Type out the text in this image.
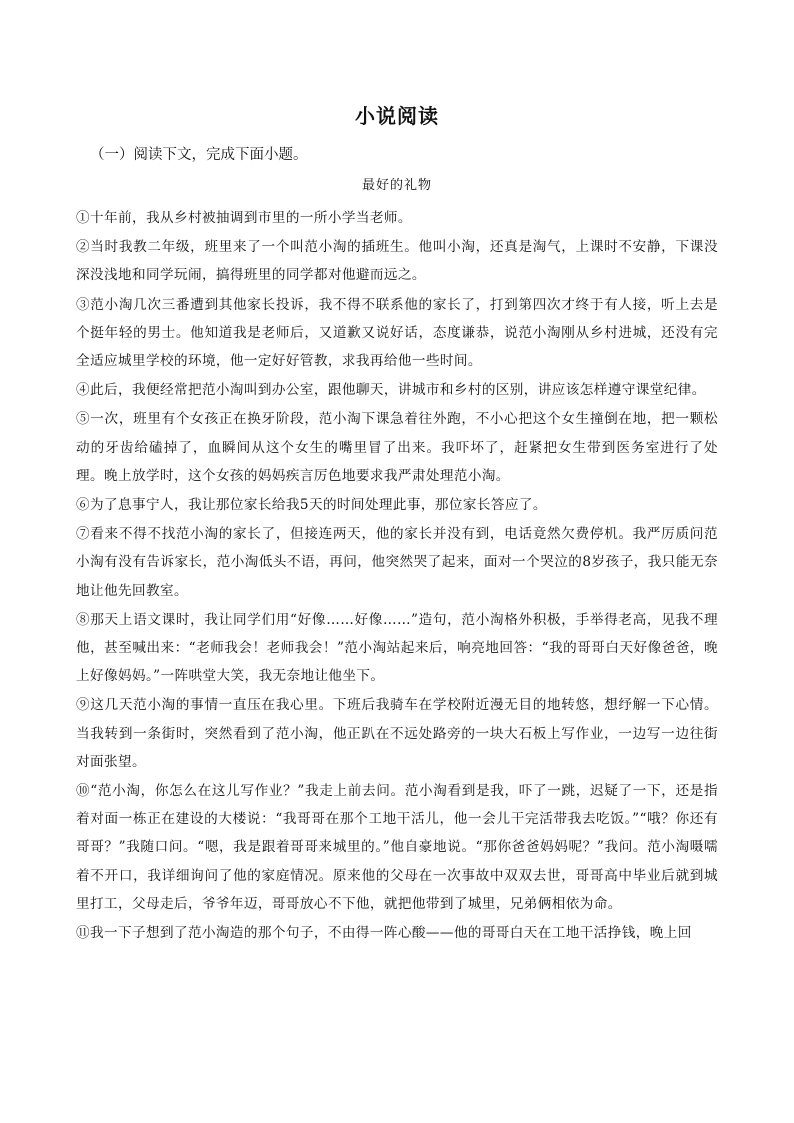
小说阅读
（一）阅读下文，完成下面小题。
最好的礼物

①十年前，我从乡村被抽调到市里的一所小学当老师。

②当时我教二年级，班里来了一个叫范小淘的插班生。他叫小淘，还真是淘气，上课时不安静，下课没深没浅地和同学玩闹，搞得班里的同学都对他避而远之。

③范小淘几次三番遭到其他家长投诉，我不得不联系他的家长了，打到第四次才终于有人接，听上去是个挺年轻的男士。他知道我是老师后，又道歉又说好话，态度谦恭，说范小淘刚从乡村进城，还没有完全适应城里学校的环境，他一定好好管教，求我再给他一些时间。

④此后，我便经常把范小淘叫到办公室，跟他聊天，讲城市和乡村的区别，讲应该怎样遵守课堂纪律。

⑤一次，班里有个女孩正在换牙阶段，范小淘下课急着往外跑，不小心把这个女生撞倒在地，把一颗松动的牙齿给磕掉了，血瞬间从这个女生的嘴里冒了出来。我吓坏了，赶紧把女生带到医务室进行了处理。晚上放学时，这个女孩的妈妈疾言厉色地要求我严肃处理范小淘。

⑥为了息事宁人，我让那位家长给我5天的时间处理此事，那位家长答应了。

⑦看来不得不找范小淘的家长了，但接连两天，他的家长并没有到，电话竟然欠费停机。我严厉质问范小淘有没有告诉家长，范小淘低头不语，再问，他突然哭了起来，面对一个哭泣的8岁孩子，我只能无奈地让他先回教室。

⑧那天上语文课时，我让同学们用“好像……好像……”造句，范小淘格外积极，手举得老高，见我不理他，甚至喊出来：“老师我会！老师我会！”范小淘站起来后，响亮地回答：“我的哥哥白天好像爸爸，晚上好像妈妈。”一阵哄堂大笑，我无奈地让他坐下。

⑨这几天范小淘的事情一直压在我心里。下班后我骑车在学校附近漫无目的地转悠，想纾解一下心情。当我转到一条街时，突然看到了范小淘，他正趴在不远处路旁的一块大石板上写作业，一边写一边往街对面张望。

⑩“范小淘，你怎么在这儿写作业？”我走上前去问。范小淘看到是我，吓了一跳，迟疑了一下，还是指着对面一栋正在建设的大楼说：“我哥哥在那个工地干活儿，他一会儿干完活带我去吃饭。”“哦？你还有哥哥？”我随口问。“嗯，我是跟着哥哥来城里的。”他自豪地说。“那你爸爸妈妈呢？”我问。范小淘嗫嚅着不开口，我详细询问了他的家庭情况。原来他的父母在一次事故中双双去世，哥哥高中毕业后就到城里打工，父母走后，爷爷年迈，哥哥放心不下他，就把他带到了城里，兄弟俩相依为命。

⑪我一下子想到了范小淘造的那个句子，不由得一阵心酸——他的哥哥白天在工地干活挣钱，晚上回
